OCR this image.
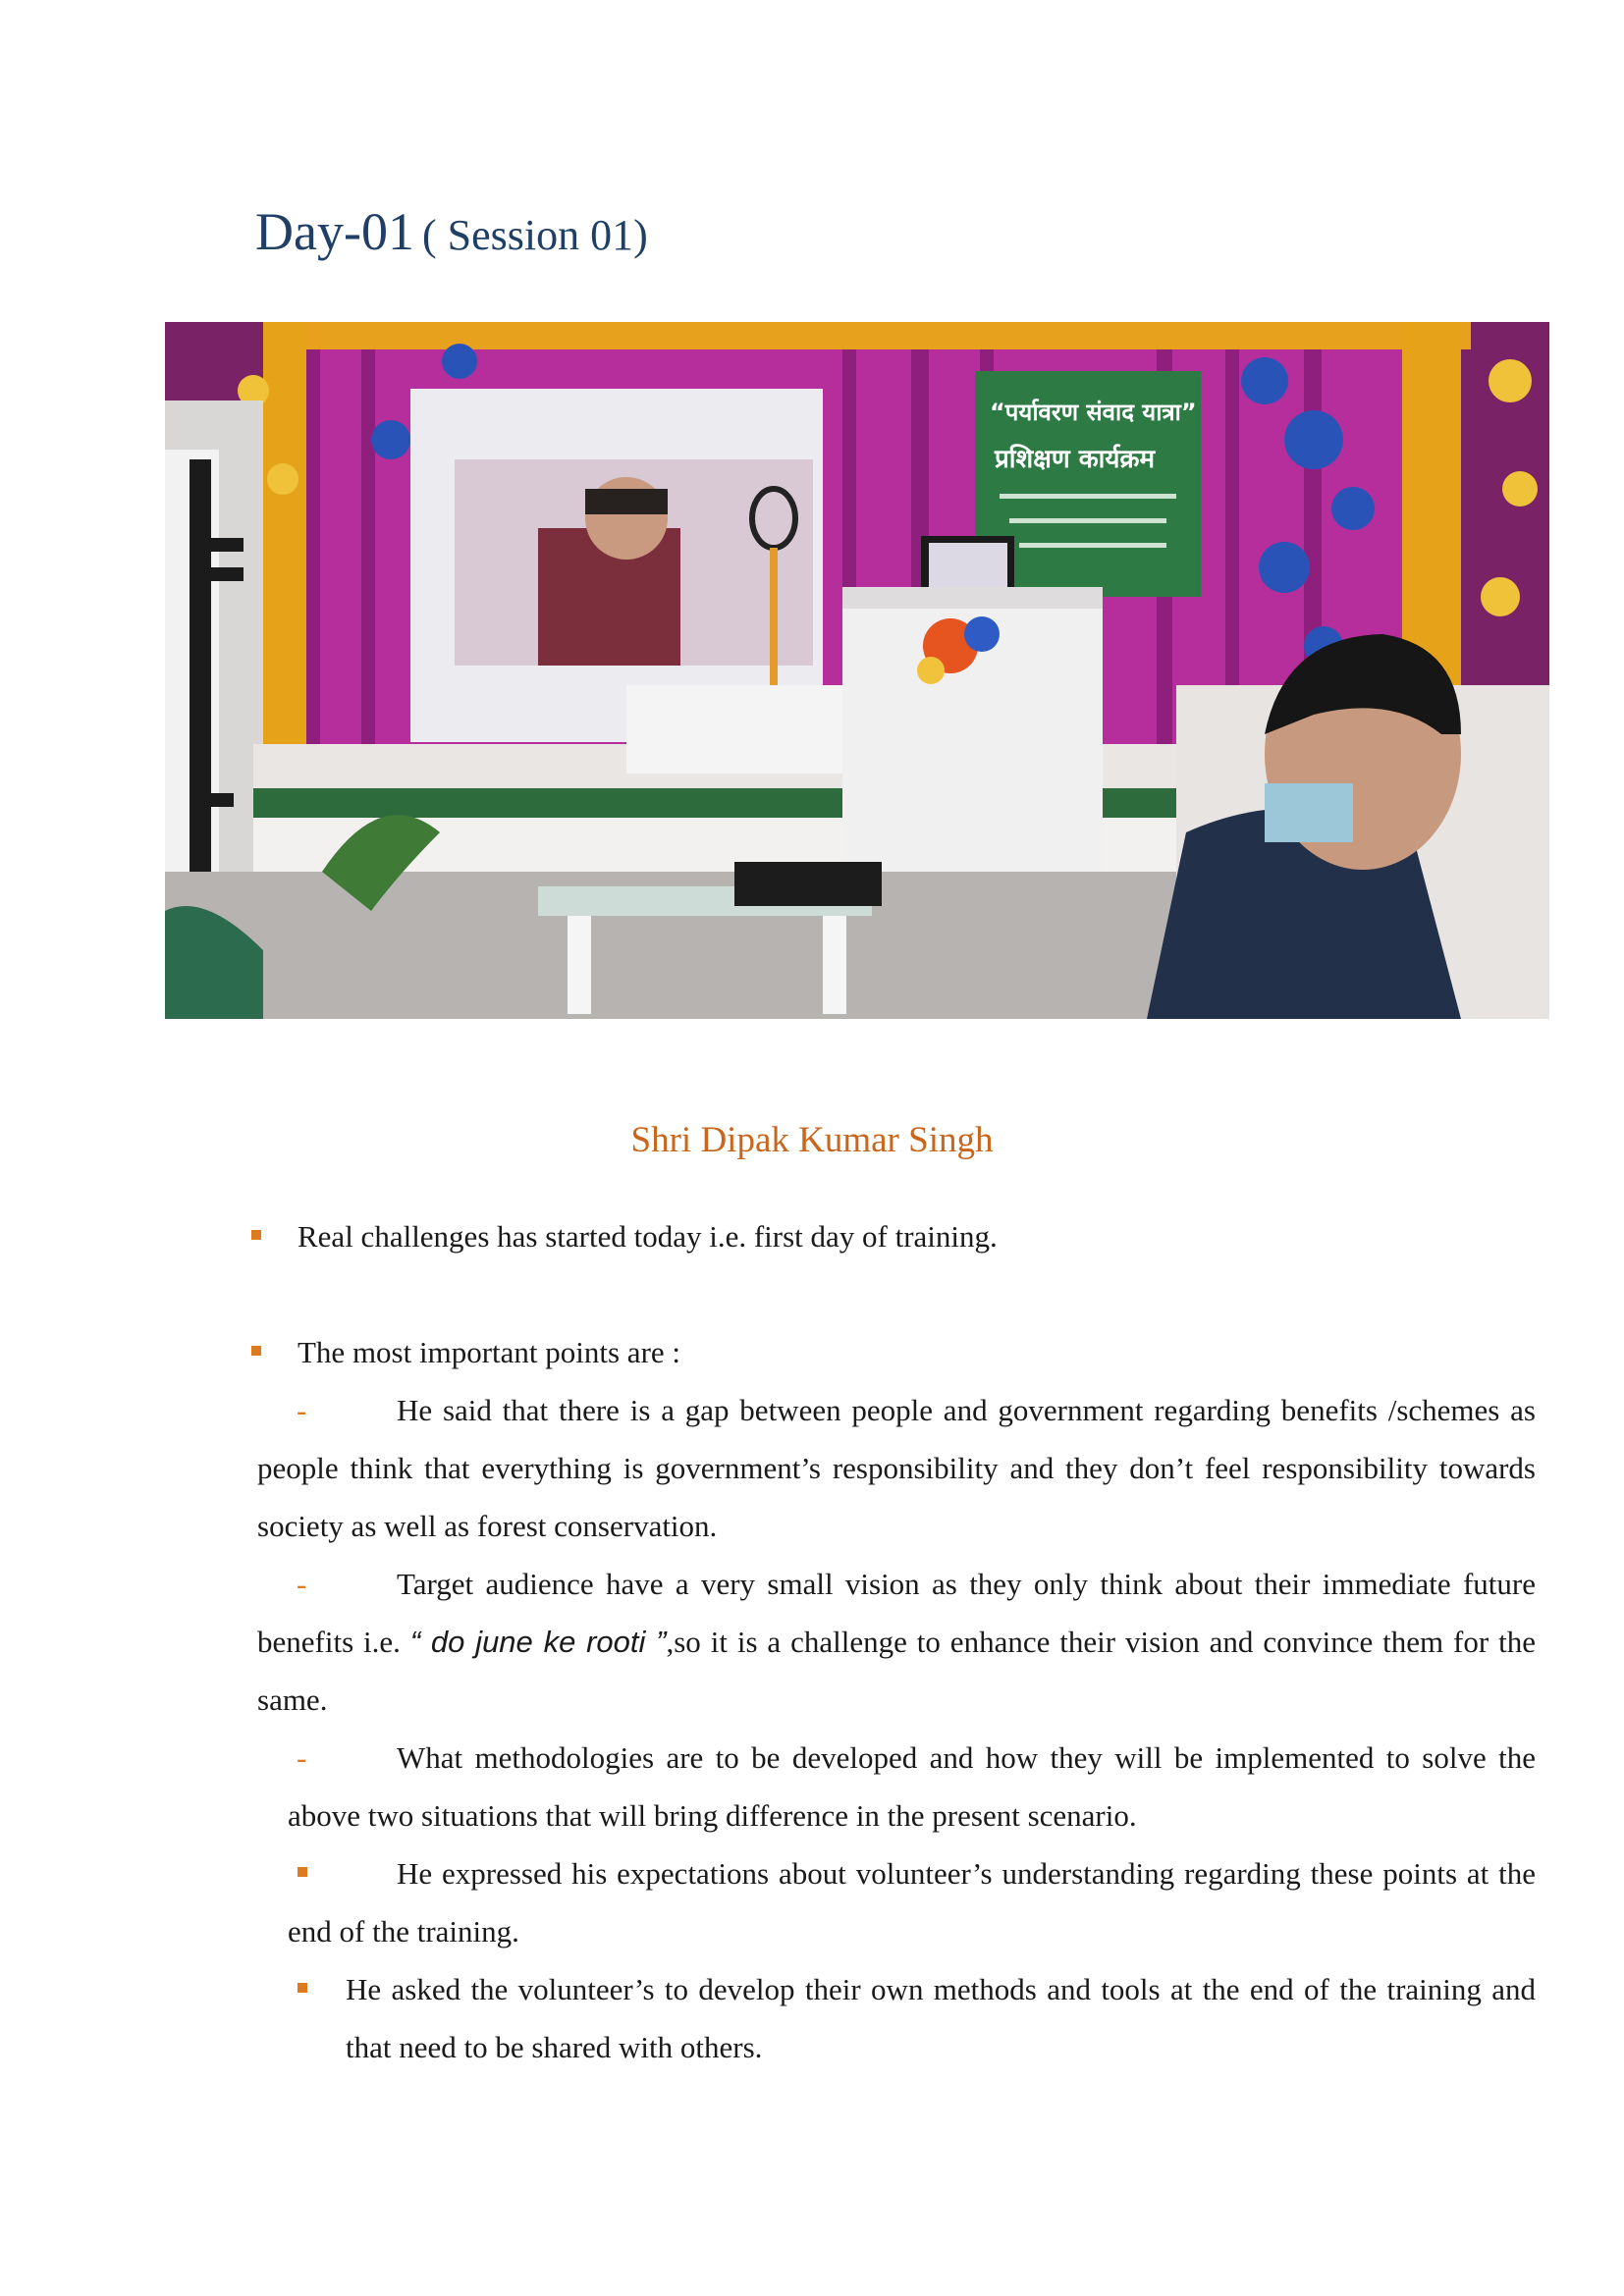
Day-01 ( Session 01)
“पर्यावरण संवाद यात्रा”
प्रशिक्षण कार्यक्रम
Shri Dipak Kumar Singh
Real challenges has started today i.e. first day of training.
The most important points are :
-	He said that there is a gap between people and government regarding benefits /schemes as people think that everything is government’s responsibility and they don’t feel responsibility towards society as well as forest conservation.
-	Target audience have a very small vision as they only think about their immediate future benefits i.e. “ do june ke rooti ”,so it is a challenge to enhance their vision and convince them for the same.
-	What methodologies are to be developed and how they will be implemented to solve the above two situations that will bring difference in the present scenario.
He expressed his expectations about volunteer’s understanding regarding these points at the end of the training.
He asked the volunteer’s to develop their own methods and tools at the end of the training and that need to be shared with others.
